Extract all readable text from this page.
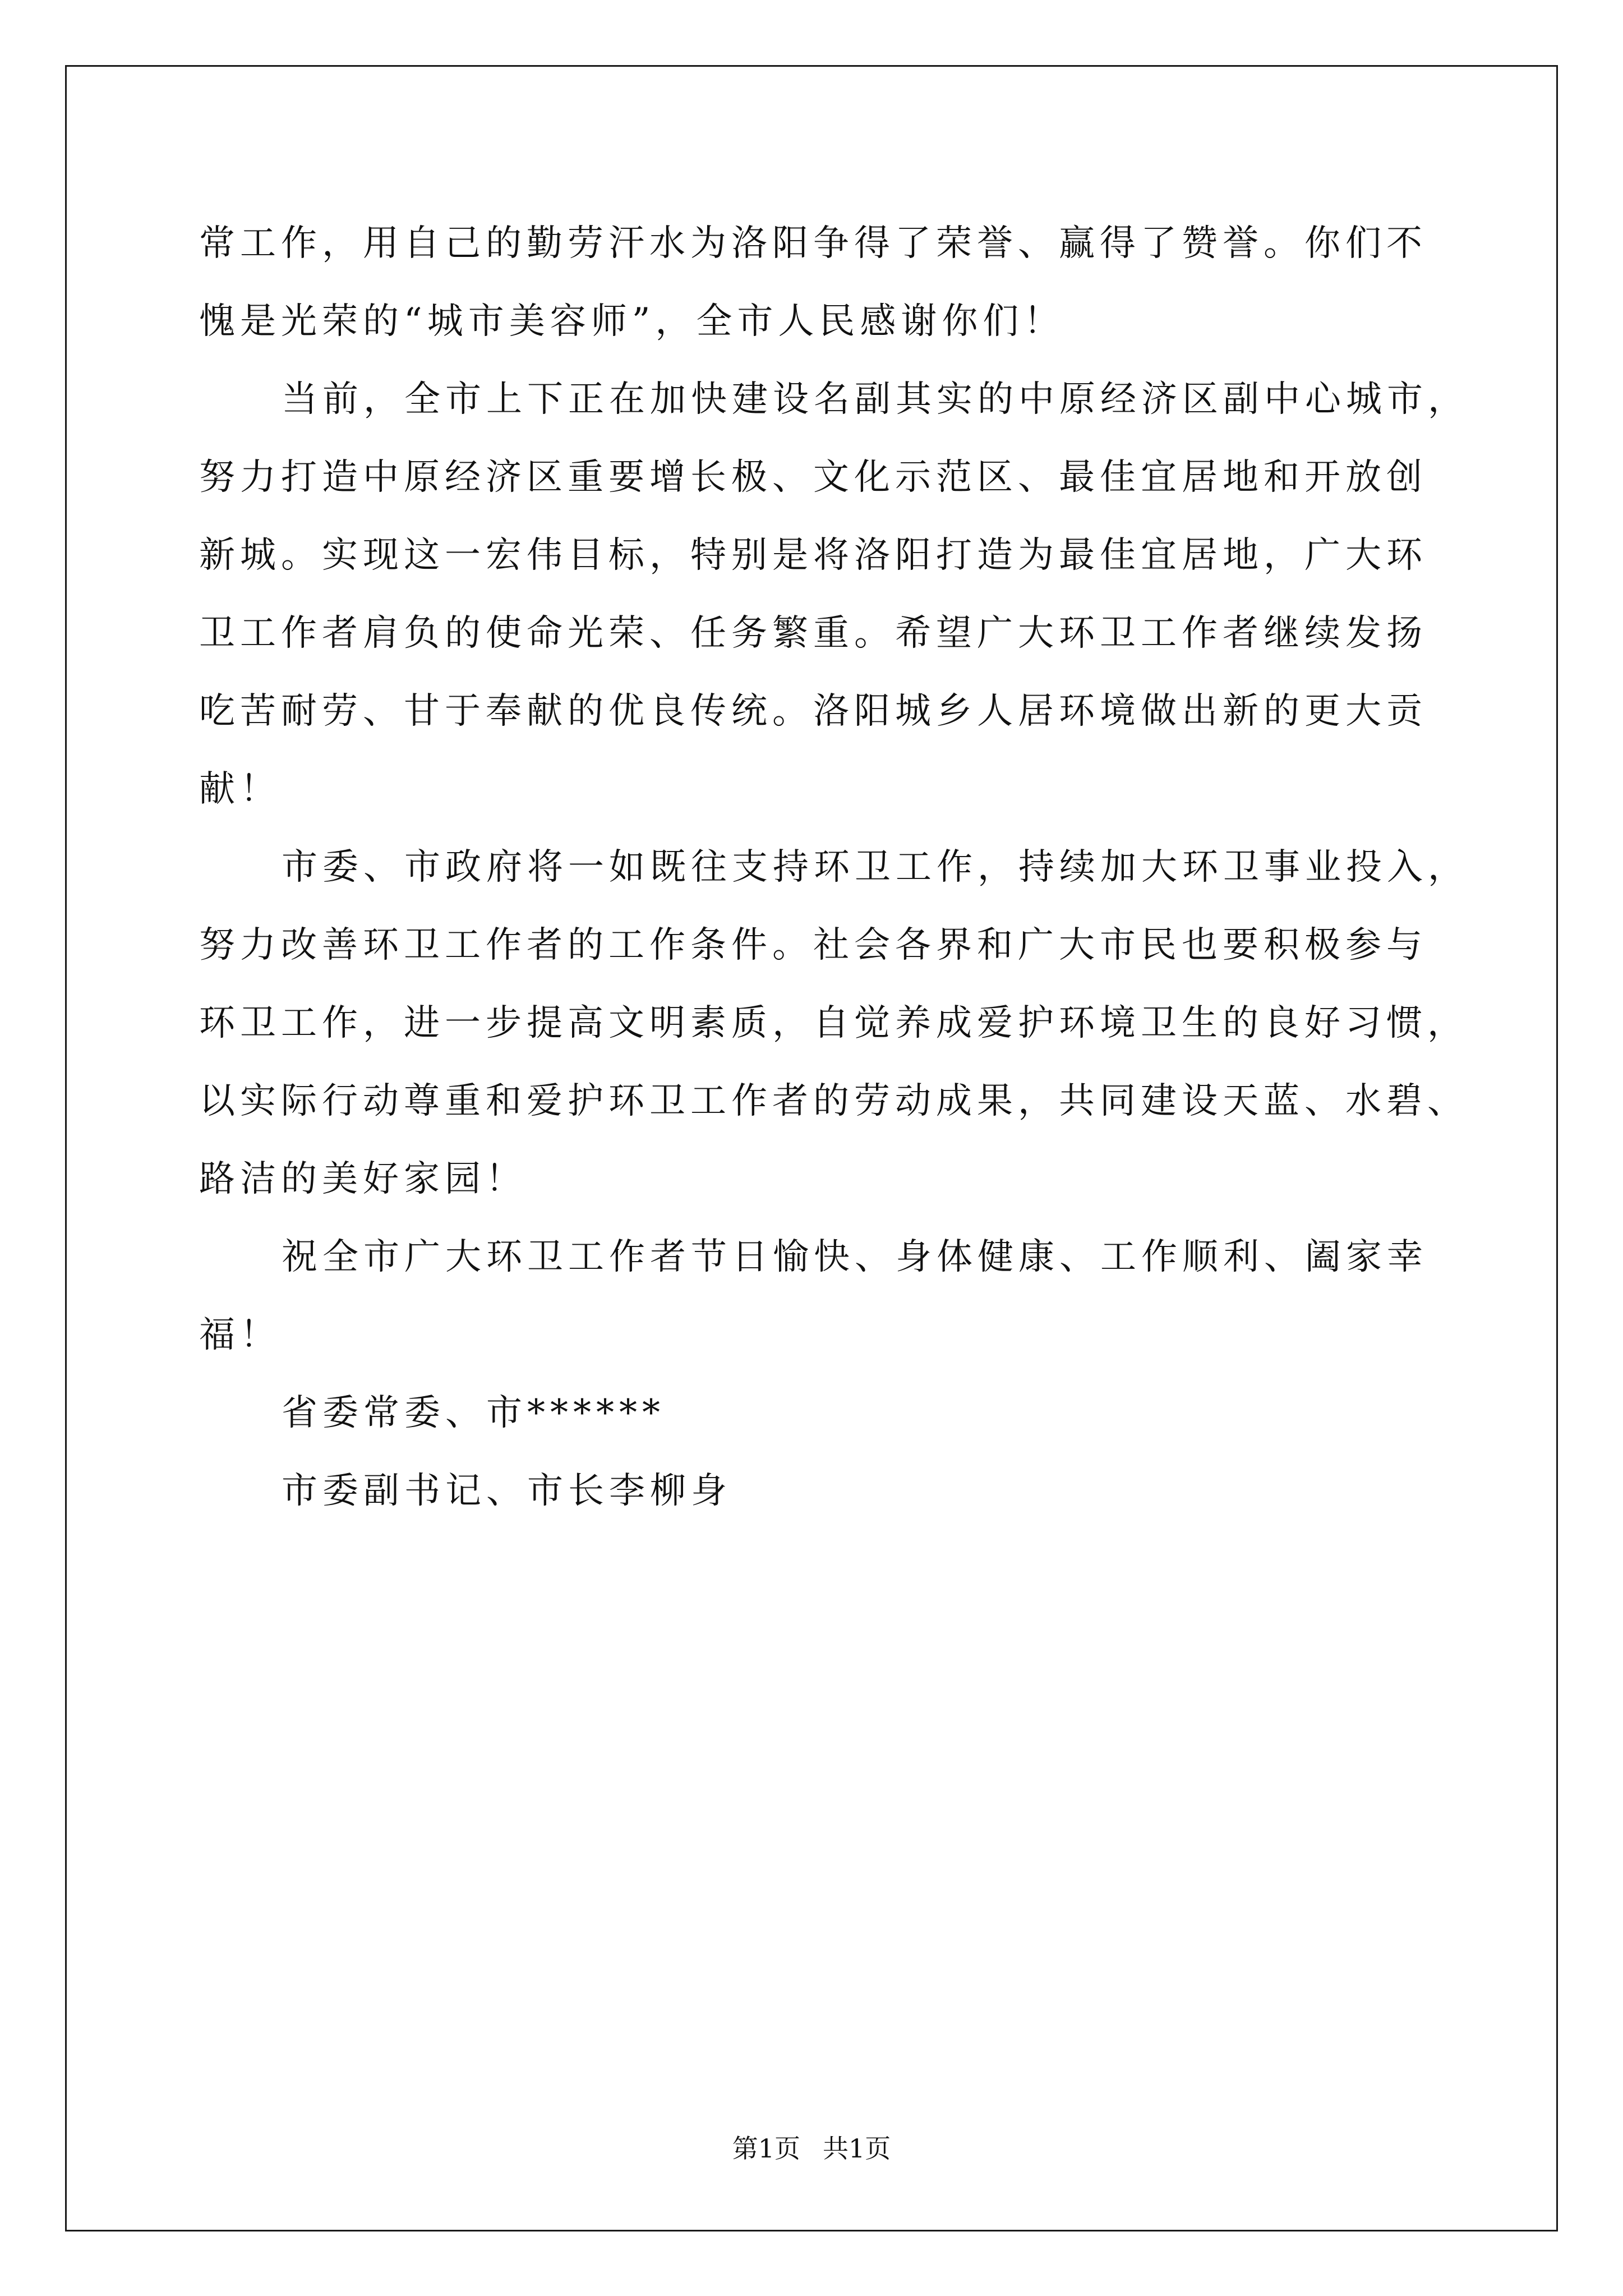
常工作，用自己的勤劳汗水为洛阳争得了荣誉、赢得了赞誉。你们不
愧是光荣的“城市美容师”，全市人民感谢你们！
当前，全市上下正在加快建设名副其实的中原经济区副中心城市，
努力打造中原经济区重要增长极、文化示范区、最佳宜居地和开放创
新城。实现这一宏伟目标，特别是将洛阳打造为最佳宜居地，广大环
卫工作者肩负的使命光荣、任务繁重。希望广大环卫工作者继续发扬
吃苦耐劳、甘于奉献的优良传统。洛阳城乡人居环境做出新的更大贡
献！
市委、市政府将一如既往支持环卫工作，持续加大环卫事业投入，
努力改善环卫工作者的工作条件。社会各界和广大市民也要积极参与
环卫工作，进一步提高文明素质，自觉养成爱护环境卫生的良好习惯，
以实际行动尊重和爱护环卫工作者的劳动成果，共同建设天蓝、水碧、
路洁的美好家园！
祝全市广大环卫工作者节日愉快、身体健康、工作顺利、阖家幸
福！
省委常委、市******
市委副书记、市长李柳身
第1页 共1页
